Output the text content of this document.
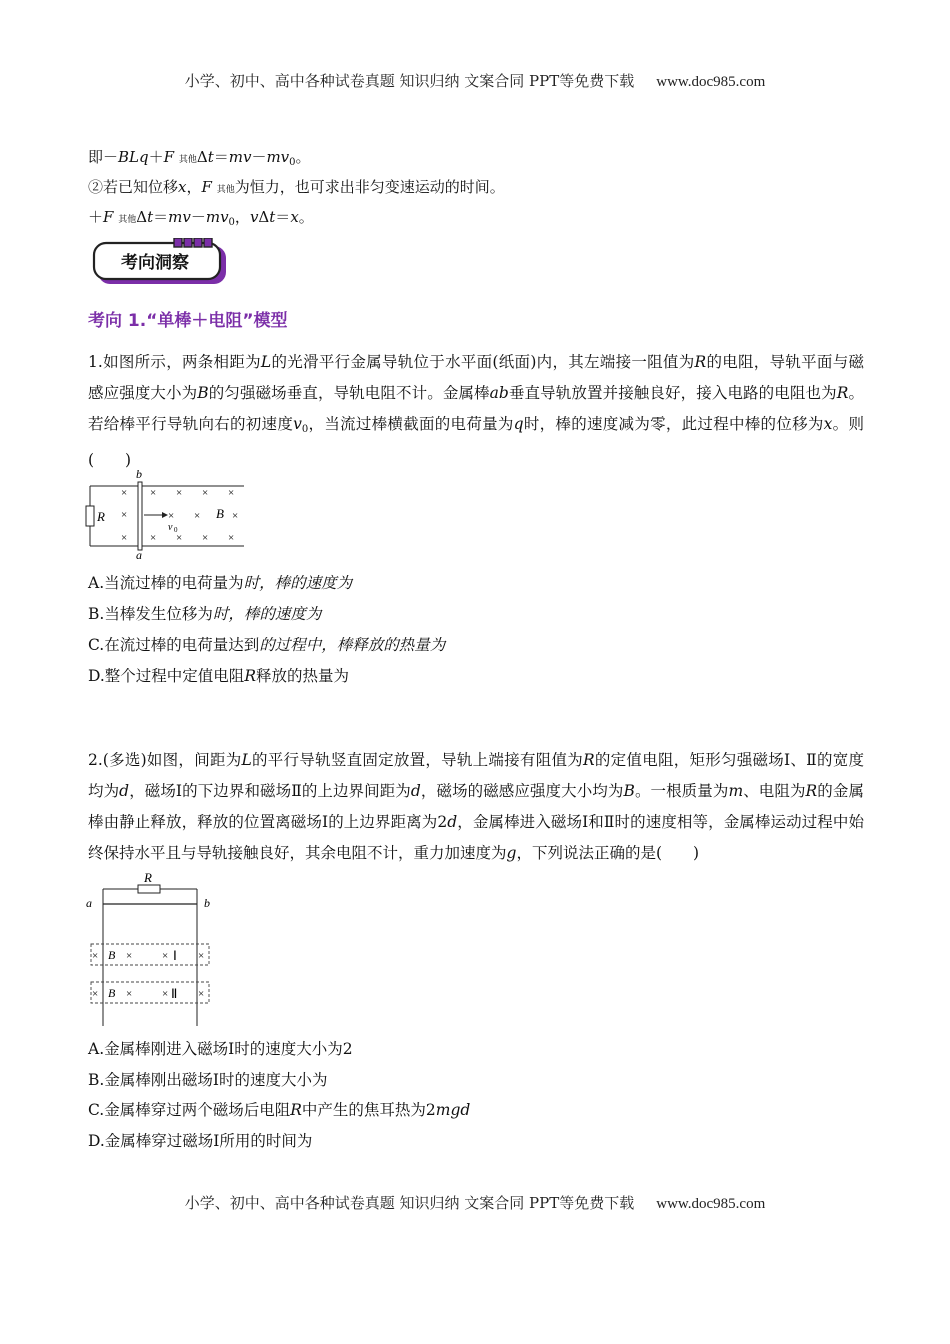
小学、初中、高中各种试卷真题 知识归纳 文案合同 PPT等免费下载 www.doc985.com
即－BLq＋F 其他$\Delta t=mv-mv_0$。
②若已知位移x，F 其他为恒力，也可求出非匀变速运动的时间。
＋F 其他$\Delta t=mv-mv_0$，vΔt＝x。
考向洞察
考向 1.“单棒＋电阻”模型
1.如图所示，两条相距为L的光滑平行金属导轨位于水平面(纸面)内，其左端接一阻值为R的电阻，导轨平面与磁感应强度大小为B的匀强磁场垂直，导轨电阻不计。金属棒ab垂直导轨放置并接触良好，接入电路的电阻也为R。若给棒平行导轨向右的初速度v0，当流过棒横截面的电荷量为q时，棒的速度减为零，此过程中棒的位移为x。则(　　)
R
b
a
×
×
×
× × × ×
×
v 0
× B ×
× × × ×
A.当流过棒的电荷量为时，棒的速度为
B.当棒发生位移为时，棒的速度为
C.在流过棒的电荷量达到的过程中，棒释放的热量为
D.整个过程中定值电阻R释放的热量为
2.(多选)如图，间距为L的平行导轨竖直固定放置，导轨上端接有阻值为R的定值电阻，矩形匀强磁场Ⅰ、Ⅱ的宽度均为d，磁场Ⅰ的下边界和磁场Ⅱ的上边界间距为d，磁场的磁感应强度大小均为B。一根质量为m、电阻为R的金属棒由静止释放，释放的位置离磁场Ⅰ的上边界距离为2d，金属棒进入磁场Ⅰ和Ⅱ时的速度相等，金属棒运动过程中始终保持水平且与导轨接触良好，其余电阻不计，重力加速度为g，下列说法正确的是(　　)
R
a	b
× B ×	× Ⅰ ×
× B ×	× Ⅱ ×
A.金属棒刚进入磁场Ⅰ时的速度大小为2
B.金属棒刚出磁场Ⅰ时的速度大小为
C.金属棒穿过两个磁场后电阻R中产生的焦耳热为2mgd
D.金属棒穿过磁场Ⅰ所用的时间为
小学、初中、高中各种试卷真题 知识归纳 文案合同 PPT等免费下载 www.doc985.com
